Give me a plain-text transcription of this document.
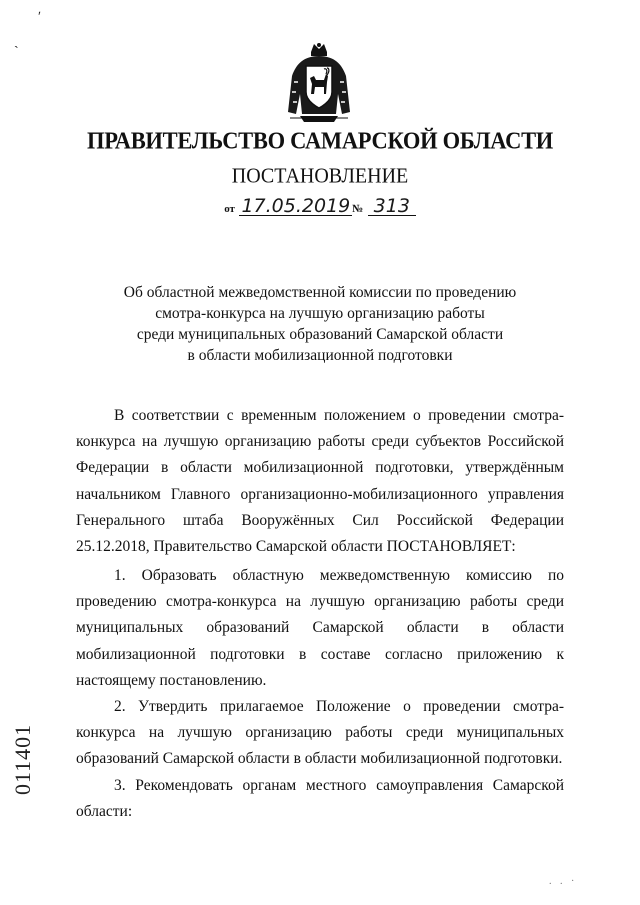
ʹ
ˏ
ПРАВИТЕЛЬСТВО САМАРСКОЙ ОБЛАСТИ
ПОСТАНОВЛЕНИЕ
от 17.05.2019 № 313
Об областной межведомственной комиссии по проведению
смотра-конкурса на лучшую организацию работы
среди муниципальных образований Самарской области
в области мобилизационной подготовки
В соответствии с временным положением о проведении смотра-конкурса на лучшую организацию работы среди субъектов Российской Федерации в области мобилизационной подготовки, утверждённым начальником Главного организационно-мобилизационного управления Генерального штаба Вооружённых Сил Российской Федерации 25.12.2018, Правительство Самарской области ПОСТАНОВЛЯЕТ:
1. Образовать областную межведомственную комиссию по проведению смотра-конкурса на лучшую организацию работы среди муниципальных образований Самарской области в области мобилизационной подготовки в составе согласно приложению к настоящему постановлению.
2. Утвердить прилагаемое Положение о проведении смотра-конкурса на лучшую организацию работы среди муниципальных образований Самарской области в области мобилизационной подготовки.
3. Рекомендовать органам местного самоуправления Самарской области:
011401
. . ·
